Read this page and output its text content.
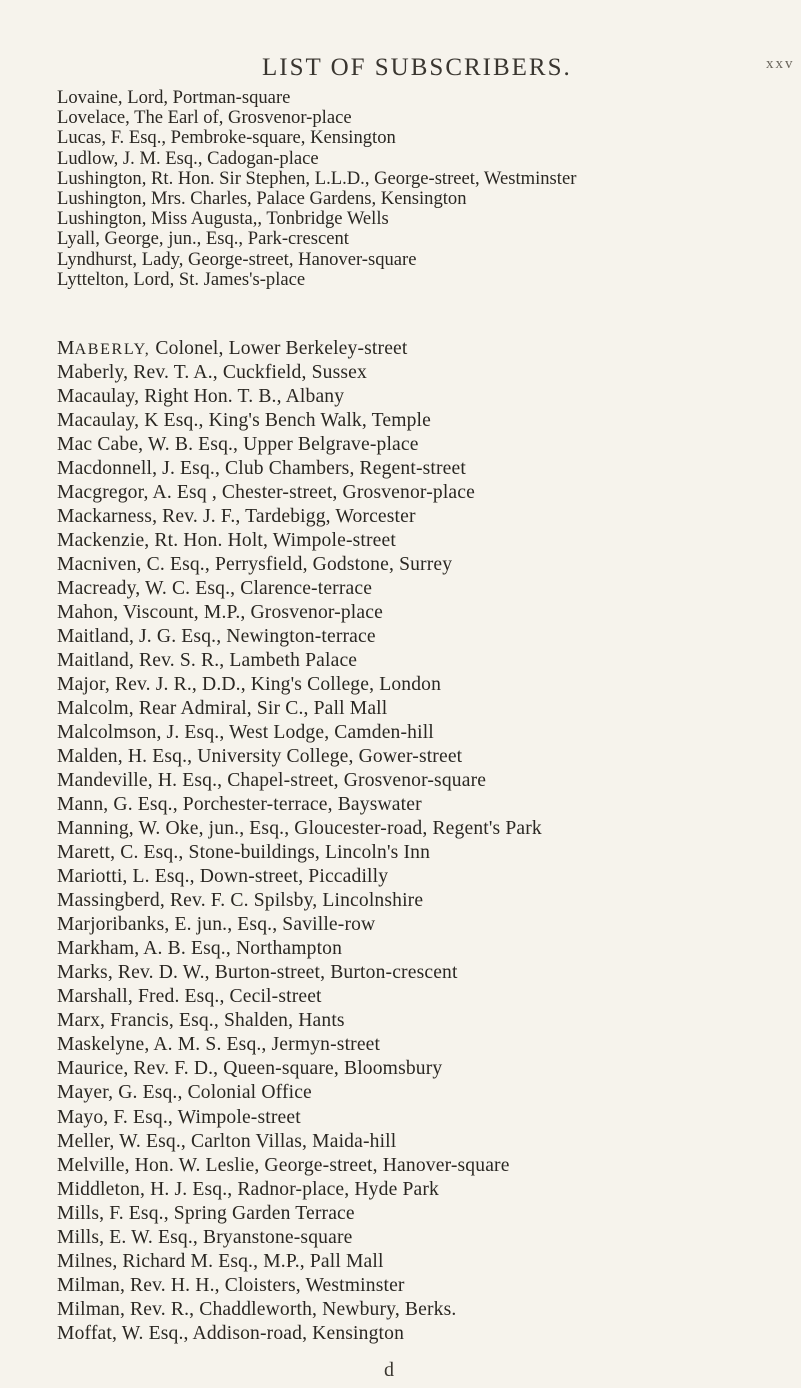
LIST OF SUBSCRIBERS.	xxv
Lovaine, Lord, Portman-square
Lovelace, The Earl of, Grosvenor-place
Lucas, F. Esq., Pembroke-square, Kensington
Ludlow, J. M. Esq., Cadogan-place
Lushington, Rt. Hon. Sir Stephen, L.L.D., George-street, Westminster
Lushington, Mrs. Charles, Palace Gardens, Kensington
Lushington, Miss Augusta,, Tonbridge Wells
Lyall, George, jun., Esq., Park-crescent
Lyndhurst, Lady, George-street, Hanover-square
Lyttelton, Lord, St. James's-place
MABERLY, Colonel, Lower Berkeley-street
Maberly, Rev. T. A., Cuckfield, Sussex
Macaulay, Right Hon. T. B., Albany
Macaulay, K Esq., King's Bench Walk, Temple
Mac Cabe, W. B. Esq., Upper Belgrave-place
Macdonnell, J. Esq., Club Chambers, Regent-street
Macgregor, A. Esq , Chester-street, Grosvenor-place
Mackarness, Rev. J. F., Tardebigg, Worcester
Mackenzie, Rt. Hon. Holt, Wimpole-street
Macniven, C. Esq., Perrysfield, Godstone, Surrey
Macready, W. C. Esq., Clarence-terrace
Mahon, Viscount, M.P., Grosvenor-place
Maitland, J. G. Esq., Newington-terrace
Maitland, Rev. S. R., Lambeth Palace
Major, Rev. J. R., D.D., King's College, London
Malcolm, Rear Admiral, Sir C., Pall Mall
Malcolmson, J. Esq., West Lodge, Camden-hill
Malden, H. Esq., University College, Gower-street
Mandeville, H. Esq., Chapel-street, Grosvenor-square
Mann, G. Esq., Porchester-terrace, Bayswater
Manning, W. Oke, jun., Esq., Gloucester-road, Regent's Park
Marett, C. Esq., Stone-buildings, Lincoln's Inn
Mariotti, L. Esq., Down-street, Piccadilly
Massingberd, Rev. F. C. Spilsby, Lincolnshire
Marjoribanks, E. jun., Esq., Saville-row
Markham, A. B. Esq., Northampton
Marks, Rev. D. W., Burton-street, Burton-crescent
Marshall, Fred. Esq., Cecil-street
Marx, Francis, Esq., Shalden, Hants
Maskelyne, A. M. S. Esq., Jermyn-street
Maurice, Rev. F. D., Queen-square, Bloomsbury
Mayer, G. Esq., Colonial Office
Mayo, F. Esq., Wimpole-street
Meller, W. Esq., Carlton Villas, Maida-hill
Melville, Hon. W. Leslie, George-street, Hanover-square
Middleton, H. J. Esq., Radnor-place, Hyde Park
Mills, F. Esq., Spring Garden Terrace
Mills, E. W. Esq., Bryanstone-square
Milnes, Richard M. Esq., M.P., Pall Mall
Milman, Rev. H. H., Cloisters, Westminster
Milman, Rev. R., Chaddleworth, Newbury, Berks.
Moffat, W. Esq., Addison-road, Kensington
d
